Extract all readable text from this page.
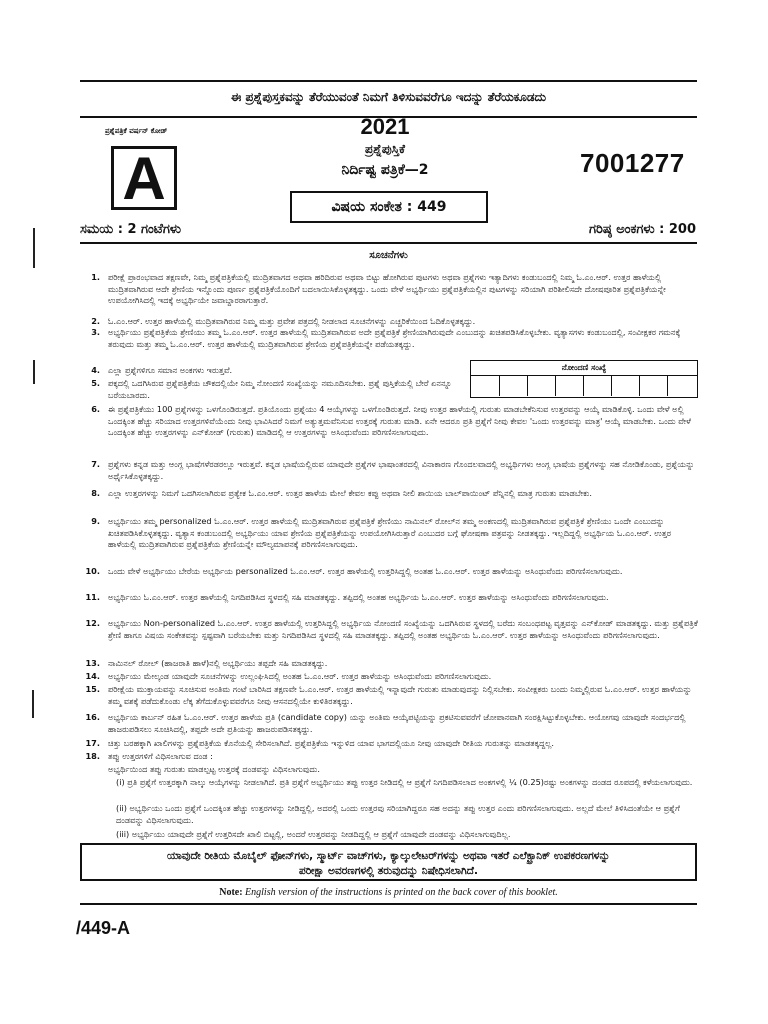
ಈ ಪ್ರಶ್ನೆಪುಸ್ತಕವನ್ನು ತೆರೆಯುವಂತೆ ನಿಮಗೆ ತಿಳಿಸುವವರೆಗೂ ಇದನ್ನು ತೆರೆಯಕೂಡದು
ಪ್ರಶ್ನೆಪತ್ರಿಕೆ ವರ್ಷನ್ ಕೋಡ್
A
2021
ಪ್ರಶ್ನೆಪುಸ್ತಿಕೆ
ನಿರ್ದಿಷ್ಟ ಪತ್ರಿಕೆ—2
ವಿಷಯ ಸಂಕೇತ : 449
7001277
ಸಮಯ : 2 ಗಂಟೆಗಳು	ಗರಿಷ್ಠ ಅಂಕಗಳು : 200
ಸೂಚನೆಗಳು
ನೋಂದಣಿ ಸಂಖ್ಯೆ
1. ಪರೀಕ್ಷೆ ಪ್ರಾರಂಭವಾದ ತಕ್ಷಣವೇ, ನಿಮ್ಮ ಪ್ರಶ್ನೆಪತ್ರಿಕೆಯಲ್ಲಿ ಮುದ್ರಿತವಾಗದ ಅಥವಾ ಹರಿದಿರುವ ಅಥವಾ ಬಿಟ್ಟು ಹೋಗಿರುವ ಪುಟಗಳು ಅಥವಾ ಪ್ರಶ್ನೆಗಳು ಇತ್ಯಾದಿಗಳು ಕಂಡುಬಂದಲ್ಲಿ ನಿಮ್ಮ ಓ.ಎಂ.ಆರ್. ಉತ್ತರ ಹಾಳೆಯಲ್ಲಿ ಮುದ್ರಿತವಾಗಿರುವ ಆದೇ ಶ್ರೇಣಿಯ ಇನ್ನೊಂದು ಪೂರ್ಣ ಪ್ರಶ್ನೆಪತ್ರಿಕೆಯೊಂದಿಗೆ ಬದಲಾಯಿಸಿಕೊಳ್ಳತಕ್ಕದ್ದು. ಒಂದು ವೇಳೆ ಅಭ್ಯರ್ಥಿಯು ಪ್ರಶ್ನೆಪತ್ರಿಕೆಯಲ್ಲಿನ ಪುಟಗಳನ್ನು ಸರಿಯಾಗಿ ಪರಿಶೀಲಿಸದೇ ದೋಷಪೂರಿತ ಪ್ರಶ್ನೆಪತ್ರಿಕೆಯನ್ನೇ ಉಪಯೋಗಿಸಿದಲ್ಲಿ ಇದಕ್ಕೆ ಅಭ್ಯರ್ಥಿಯೇ ಜವಾಬ್ದಾರರಾಗುತ್ತಾರೆ.
2. ಓ.ಎಂ.ಆರ್. ಉತ್ತರ ಹಾಳೆಯಲ್ಲಿ ಮುದ್ರಿತವಾಗಿರುವ ನಿಮ್ಮ ಮತ್ತು ಪ್ರವೇಶ ಪತ್ರದಲ್ಲಿ ನೀಡಲಾದ ಸೂಚನೆಗಳನ್ನು ಎಚ್ಚರಿಕೆಯಿಂದ ಓದಿಕೊಳ್ಳತಕ್ಕದ್ದು.
3. ಅಭ್ಯರ್ಥಿಯು ಪ್ರಶ್ನೆಪತ್ರಿಕೆಯ ಶ್ರೇಣಿಯು ತಮ್ಮ ಓ.ಎಂ.ಆರ್. ಉತ್ತರ ಹಾಳೆಯಲ್ಲಿ ಮುದ್ರಿತವಾಗಿರುವ ಅದೇ ಪ್ರಶ್ನೆಪತ್ರಿಕೆ ಶ್ರೇಣಿಯಾಗಿರುವುದೇ ಎಂಬುದನ್ನು ಖಚಿತಪಡಿಸಿಕೊಳ್ಳಬೇಕು. ವ್ಯತ್ಯಾಸಗಳು ಕಂಡುಬಂದಲ್ಲಿ, ಸಂವೀಕ್ಷಕರ ಗಮನಕ್ಕೆ ತರುವುದು ಮತ್ತು ತಮ್ಮ ಓ.ಎಂ.ಆರ್. ಉತ್ತರ ಹಾಳೆಯಲ್ಲಿ ಮುದ್ರಿತವಾಗಿರುವ ಶ್ರೇಣಿಯ ಪ್ರಶ್ನೆಪತ್ರಿಕೆಯನ್ನೇ ಪಡೆಯತಕ್ಕದ್ದು.
4. ಎಲ್ಲಾ ಪ್ರಶ್ನೆಗಳಿಗೂ ಸಮಾನ ಅಂಕಗಳು ಇರುತ್ತವೆ.
5. ಪಕ್ಕದಲ್ಲಿ ಒದಗಿಸಿರುವ ಪ್ರಶ್ನೆಪತ್ರಿಕೆಯ ಚೌಕದಲ್ಲಿಯೇ ನಿಮ್ಮ ನೋಂದಣಿ ಸಂಖ್ಯೆಯನ್ನು ನಮೂದಿಸಬೇಕು. ಪ್ರಶ್ನೆ ಪುಸ್ತಿಕೆಯಲ್ಲಿ ಬೇರೆ ಏನನ್ನೂ ಬರೆಯಬಾರದು.
6. ಈ ಪ್ರಶ್ನೆಪತ್ರಿಕೆಯು 100 ಪ್ರಶ್ನೆಗಳನ್ನು ಒಳಗೊಂಡಿರುತ್ತದೆ. ಪ್ರತಿಯೊಂದು ಪ್ರಶ್ನೆಯು 4 ಆಯ್ಕೆಗಳನ್ನು ಒಳಗೊಂಡಿರುತ್ತದೆ. ನೀವು ಉತ್ತರ ಹಾಳೆಯಲ್ಲಿ ಗುರುತು ಮಾಡಬೇಕೆನಿಸುವ ಉತ್ತರವನ್ನು ಆಯ್ಕೆ ಮಾಡಿಕೊಳ್ಳಿ. ಒಂದು ವೇಳೆ ಅಲ್ಲಿ ಒಂದಕ್ಕಿಂತ ಹೆಚ್ಚು ಸರಿಯಾದ ಉತ್ತರಗಳಿವೆಯೆಂದು ನೀವು ಭಾವಿಸಿದರೆ ನಿಮಗೆ ಅತ್ಯುತ್ತಮವೆನಿಸುವ ಉತ್ತರಕ್ಕೆ ಗುರುತು ಮಾಡಿ. ಏನೇ ಆದರೂ ಪ್ರತಿ ಪ್ರಶ್ನೆಗೆ ನೀವು ಕೇವಲ 'ಒಂದು ಉತ್ತರವನ್ನು ಮಾತ್ರ' ಆಯ್ಕೆ ಮಾಡಬೇಕು. ಒಂದು ವೇಳೆ ಒಂದಕ್ಕಿಂತ ಹೆಚ್ಚು ಉತ್ತರಗಳನ್ನು ಎನ್‌ಕೋಡ್ (ಗುರುತು) ಮಾಡಿದಲ್ಲಿ ಆ ಉತ್ತರಗಳನ್ನು ಅಸಿಂಧುವೆಂದು ಪರಿಗಣಿಸಲಾಗುವುದು.
7. ಪ್ರಶ್ನೆಗಳು ಕನ್ನಡ ಮತ್ತು ಆಂಗ್ಲ ಭಾಷೆಗಳೆರಡರಲ್ಲೂ ಇರುತ್ತವೆ. ಕನ್ನಡ ಭಾಷೆಯಲ್ಲಿರುವ ಯಾವುದೇ ಪ್ರಶ್ನೆಗಳ ಭಾಷಾಂತರದಲ್ಲಿ ವಿನಾಕಾರಣ ಗೊಂದಲವಾದಲ್ಲಿ ಅಭ್ಯರ್ಥಿಗಳು ಆಂಗ್ಲ ಭಾಷೆಯ ಪ್ರಶ್ನೆಗಳನ್ನು ಸಹ ನೋಡಿಕೊಂಡು, ಪ್ರಶ್ನೆಯನ್ನು ಅರ್ಥೈಸಿಕೊಳ್ಳತಕ್ಕದ್ದು.
8. ಎಲ್ಲಾ ಉತ್ತರಗಳನ್ನು ನಿಮಗೆ ಒದಗಿಸಲಾಗಿರುವ ಪ್ರತ್ಯೇಕ ಓ.ಎಂ.ಆರ್. ಉತ್ತರ ಹಾಳೆಯ ಮೇಲೆ ಕೇವಲ ಕಪ್ಪು ಅಥವಾ ನೀಲಿ ಶಾಯಿಯ ಬಾಲ್‌ಪಾಯಿಂಟ್ ಪೆನ್ನಿನಲ್ಲಿ ಮಾತ್ರ ಗುರುತು ಮಾಡಬೇಕು.
9. ಅಭ್ಯರ್ಥಿಯು ತಮ್ಮ personalized ಓ.ಎಂ.ಆರ್. ಉತ್ತರ ಹಾಳೆಯಲ್ಲಿ ಮುದ್ರಿತವಾಗಿರುವ ಪ್ರಶ್ನೆಪತ್ರಿಕೆ ಶ್ರೇಣಿಯು ನಾಮಿನಲ್ ರೋಲ್‌ನ ತಮ್ಮ ಅಂಕಣದಲ್ಲಿ ಮುದ್ರಿತವಾಗಿರುವ ಪ್ರಶ್ನೆಪತ್ರಿಕೆ ಶ್ರೇಣಿಯು ಒಂದೇ ಎಂಬುದನ್ನು ಖಚಿತಪಡಿಸಿಕೊಳ್ಳತಕ್ಕದ್ದು. ವ್ಯತ್ಯಾಸ ಕಂಡುಬಂದಲ್ಲಿ ಅಭ್ಯರ್ಥಿಯು ಯಾವ ಶ್ರೇಣಿಯ ಪ್ರಶ್ನೆಪತ್ರಿಕೆಯನ್ನು ಉಪಯೋಗಿಸಿರುತ್ತಾರೆ ಎಂಬುದರ ಬಗ್ಗೆ ಘೋಷಣಾ ಪತ್ರವನ್ನು ನೀಡತಕ್ಕದ್ದು. ಇಲ್ಲದಿದ್ದಲ್ಲಿ ಅಭ್ಯರ್ಥಿಯ ಓ.ಎಂ.ಆರ್. ಉತ್ತರ ಹಾಳೆಯಲ್ಲಿ ಮುದ್ರಿತವಾಗಿರುವ ಪ್ರಶ್ನೆಪತ್ರಿಕೆಯ ಶ್ರೇಣಿಯನ್ನೇ ಮೌಲ್ಯಮಾಪನಕ್ಕೆ ಪರಿಗಣಿಸಲಾಗುವುದು.
10. ಒಂದು ವೇಳೆ ಅಭ್ಯರ್ಥಿಯು ಬೇರೆಯ ಅಭ್ಯರ್ಥಿಯ personalized ಓ.ಎಂ.ಆರ್. ಉತ್ತರ ಹಾಳೆಯಲ್ಲಿ ಉತ್ತರಿಸಿದ್ದಲ್ಲಿ ಅಂತಹ ಓ.ಎಂ.ಆರ್. ಉತ್ತರ ಹಾಳೆಯನ್ನು ಅಸಿಂಧುವೆಂದು ಪರಿಗಣಿಸಲಾಗುವುದು.
11. ಅಭ್ಯರ್ಥಿಯು ಓ.ಎಂ.ಆರ್. ಉತ್ತರ ಹಾಳೆಯಲ್ಲಿ ನಿಗದಿಪಡಿಸಿದ ಸ್ಥಳದಲ್ಲಿ ಸಹಿ ಮಾಡತಕ್ಕದ್ದು. ತಪ್ಪಿದಲ್ಲಿ ಅಂತಹ ಅಭ್ಯರ್ಥಿಯ ಓ.ಎಂ.ಆರ್. ಉತ್ತರ ಹಾಳೆಯನ್ನು ಅಸಿಂಧುವೆಂದು ಪರಿಗಣಿಸಲಾಗುವುದು.
12. ಅಭ್ಯರ್ಥಿಯು Non-personalized ಓ.ಎಂ.ಆರ್. ಉತ್ತರ ಹಾಳೆಯಲ್ಲಿ ಉತ್ತರಿಸಿದ್ದಲ್ಲಿ ಅಭ್ಯರ್ಥಿಯ ನೋಂದಣಿ ಸಂಖ್ಯೆಯನ್ನು ಒದಗಿಸಿರುವ ಸ್ಥಳದಲ್ಲಿ ಬರೆದು ಸಂಬಂಧಪಟ್ಟ ವೃತ್ತವನ್ನು ಎನ್‌ಕೋಡ್ ಮಾಡತಕ್ಕದ್ದು. ಮತ್ತು ಪ್ರಶ್ನೆಪತ್ರಿಕೆ ಶ್ರೇಣಿ ಹಾಗೂ ವಿಷಯ ಸಂಕೇತವನ್ನು ಸ್ಪಷ್ಟವಾಗಿ ಬರೆಯಬೇಕು ಮತ್ತು ನಿಗದಿಪಡಿಸಿದ ಸ್ಥಳದಲ್ಲಿ ಸಹಿ ಮಾಡತಕ್ಕದ್ದು. ತಪ್ಪಿದಲ್ಲಿ ಅಂತಹ ಅಭ್ಯರ್ಥಿಯ ಓ.ಎಂ.ಆರ್. ಉತ್ತರ ಹಾಳೆಯನ್ನು ಅಸಿಂಧುವೆಂದು ಪರಿಗಣಿಸಲಾಗುವುದು.
13. ನಾಮಿನಲ್ ರೋಲ್ (ಹಾಜರಾತಿ ಹಾಳೆ)ನಲ್ಲಿ ಅಭ್ಯರ್ಥಿಯು ತಪ್ಪದೇ ಸಹಿ ಮಾಡತಕ್ಕದ್ದು.
14. ಅಭ್ಯರ್ಥಿಯು ಮೇಲ್ಕಂಡ ಯಾವುದೇ ಸೂಚನೆಗಳನ್ನು ಉಲ್ಲಂಘಿಸಿದಲ್ಲಿ ಅಂತಹ ಓ.ಎಂ.ಆರ್. ಉತ್ತರ ಹಾಳೆಯನ್ನು ಅಸಿಂಧುವೆಂದು ಪರಿಗಣಿಸಲಾಗುವುದು.
15. ಪರೀಕ್ಷೆಯ ಮುಕ್ತಾಯವನ್ನು ಸೂಚಿಸುವ ಅಂತಿಮ ಗಂಟೆ ಬಾರಿಸಿದ ತಕ್ಷಣವೇ ಓ.ಎಂ.ಆರ್. ಉತ್ತರ ಹಾಳೆಯಲ್ಲಿ ಇನ್ನಾವುದೇ ಗುರುತು ಮಾಡುವುದನ್ನು ನಿಲ್ಲಿಸಬೇಕು. ಸಂವೀಕ್ಷಕರು ಬಂದು ನಿಮ್ಮಲ್ಲಿರುವ ಓ.ಎಂ.ಆರ್. ಉತ್ತರ ಹಾಳೆಯನ್ನು ತಮ್ಮ ವಶಕ್ಕೆ ಪಡೆದುಕೊಂಡು ಲೆಕ್ಕ ತೆಗೆದುಕೊಳ್ಳುವವರೆಗೂ ನೀವು ಆಸನದಲ್ಲಿಯೇ ಕುಳಿತಿರತಕ್ಕದ್ದು.
16. ಅಭ್ಯರ್ಥಿಯ ಕಾರ್ಬನ್ ರಹಿತ ಓ.ಎಂ.ಆರ್. ಉತ್ತರ ಹಾಳೆಯ ಪ್ರತಿ (candidate copy) ಯನ್ನು ಅಂತಿಮ ಆಯ್ಕೆಪಟ್ಟಿಯನ್ನು ಪ್ರಕಟಿಸುವವರೆಗೆ ಜೋಪಾನವಾಗಿ ಸಂರಕ್ಷಿಸಿಟ್ಟುಕೊಳ್ಳಬೇಕು. ಆಯೋಗವು ಯಾವುದೇ ಸಂದರ್ಭದಲ್ಲಿ ಹಾಜರುಪಡಿಸಲು ಸೂಚಿಸಿದಲ್ಲಿ, ತಪ್ಪದೇ ಅದೇ ಪ್ರತಿಯನ್ನು ಹಾಜರುಪಡಿಸತಕ್ಕದ್ದು.
17. ಚಿತ್ತು ಬರಹಕ್ಕಾಗಿ ಖಾಲಿಗಳನ್ನು ಪ್ರಶ್ನೆಪತ್ರಿಕೆಯ ಕೊನೆಯಲ್ಲಿ ಸೇರಿಸಲಾಗಿದೆ. ಪ್ರಶ್ನೆಪತ್ರಿಕೆಯ ಇನ್ನುಳಿದ ಯಾವ ಭಾಗದಲ್ಲಿಯೂ ನೀವು ಯಾವುದೇ ರೀತಿಯ ಗುರುತನ್ನು ಮಾಡತಕ್ಕದ್ದಲ್ಲ.
18. ತಪ್ಪು ಉತ್ತರಗಳಿಗೆ ವಿಧಿಸಲಾಗುವ ದಂಡ :
ಅಭ್ಯರ್ಥಿಯಿಂದ ತಪ್ಪು ಗುರುತು ಮಾಡಲ್ಪಟ್ಟ ಉತ್ತರಕ್ಕೆ ದಂಡವನ್ನು ವಿಧಿಸಲಾಗುವುದು.
(i) ಪ್ರತಿ ಪ್ರಶ್ನೆಗೆ ಉತ್ತರಕ್ಕಾಗಿ ನಾಲ್ಕು ಆಯ್ಕೆಗಳನ್ನು ನೀಡಲಾಗಿದೆ. ಪ್ರತಿ ಪ್ರಶ್ನೆಗೆ ಅಭ್ಯರ್ಥಿಯು ತಪ್ಪು ಉತ್ತರ ನೀಡಿದಲ್ಲಿ ಆ ಪ್ರಶ್ನೆಗೆ ನಿಗದಿಪಡಿಸಲಾದ ಅಂಕಗಳಲ್ಲಿ ¼ (0.25)ರಷ್ಟು ಅಂಕಗಳನ್ನು ದಂಡದ ರೂಪದಲ್ಲಿ ಕಳೆಯಲಾಗುವುದು.
(ii) ಅಭ್ಯರ್ಥಿಯು ಒಂದು ಪ್ರಶ್ನೆಗೆ ಒಂದಕ್ಕಿಂತ ಹೆಚ್ಚು ಉತ್ತರಗಳನ್ನು ನೀಡಿದ್ದಲ್ಲಿ, ಅದರಲ್ಲಿ ಒಂದು ಉತ್ತರವು ಸರಿಯಾಗಿದ್ದರೂ ಸಹ ಅದನ್ನು ತಪ್ಪು ಉತ್ತರ ಎಂದು ಪರಿಗಣಿಸಲಾಗುವುದು. ಅಲ್ಲದೆ ಮೇಲೆ ತಿಳಿಸಿದಂತೆಯೇ ಆ ಪ್ರಶ್ನೆಗೆ ದಂಡವನ್ನು ವಿಧಿಸಲಾಗುವುದು.
(iii) ಅಭ್ಯರ್ಥಿಯು ಯಾವುದೇ ಪ್ರಶ್ನೆಗೆ ಉತ್ತರಿಸದೇ ಖಾಲಿ ಬಿಟ್ಟಲ್ಲಿ, ಅಂದರೆ ಉತ್ತರವನ್ನು ನೀಡದಿದ್ದಲ್ಲಿ ಆ ಪ್ರಶ್ನೆಗೆ ಯಾವುದೇ ದಂಡವನ್ನು ವಿಧಿಸಲಾಗುವುದಿಲ್ಲ.
ಯಾವುದೇ ರೀತಿಯ ಮೊಬೈಲ್ ಫೋನ್‌ಗಳು, ಸ್ಮಾರ್ಟ್ ವಾಚ್‌ಗಳು, ಕ್ಯಾಲ್ಕುಲೇಟರ್‌ಗಳನ್ನು ಅಥವಾ ಇತರೆ ಎಲೆಕ್ಟ್ರಾನಿಕ್ ಉಪಕರಣಗಳನ್ನು
ಪರೀಕ್ಷಾ ಅವರಣಗಳಲ್ಲಿ ತರುವುದನ್ನು ನಿಷೇಧಿಸಲಾಗಿದೆ.
Note: English version of the instructions is printed on the back cover of this booklet.
/449-A
